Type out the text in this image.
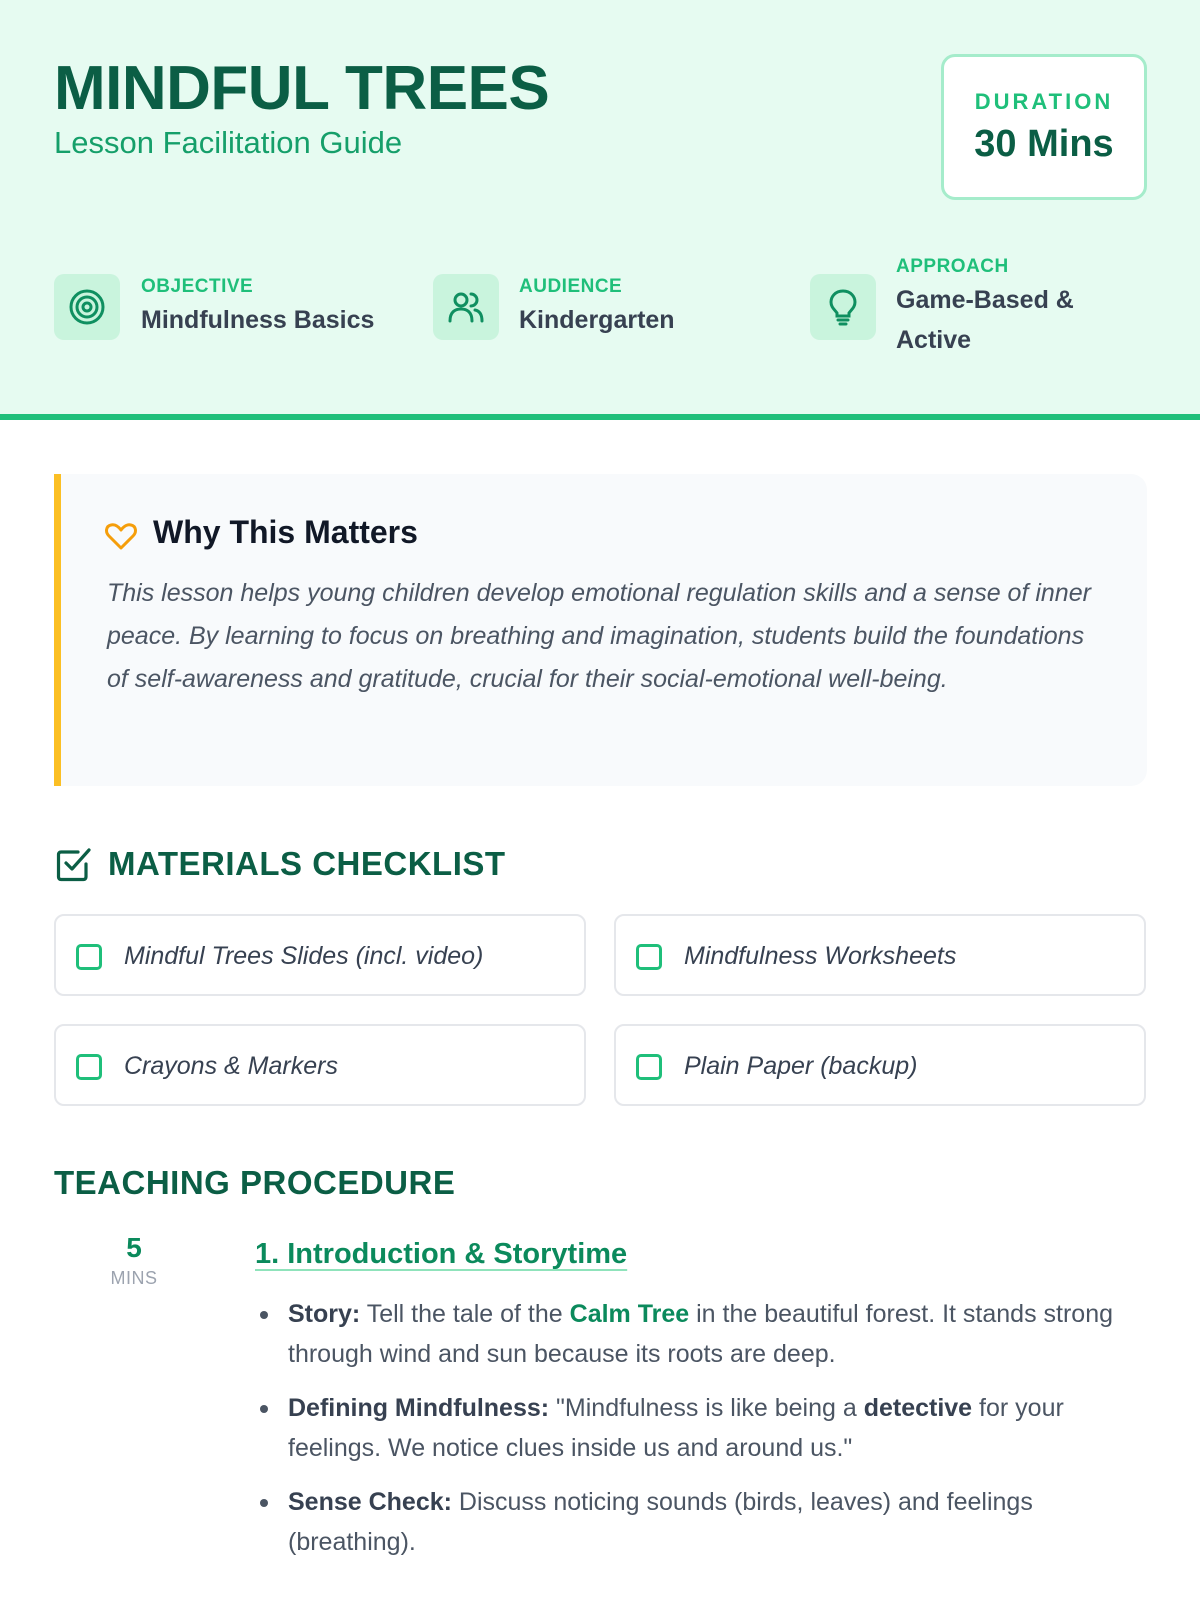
MINDFUL TREES
Lesson Facilitation Guide
DURATION
30 Mins
OBJECTIVE
Mindfulness Basics
AUDIENCE
Kindergarten
APPROACH
Game-Based & Active
Why This Matters
This lesson helps young children develop emotional regulation skills and a sense of inner peace. By learning to focus on breathing and imagination, students build the foundations of self-awareness and gratitude, crucial for their social-emotional well-being.
MATERIALS CHECKLIST
Mindful Trees Slides (incl. video)	Mindfulness Worksheets
Crayons & Markers	Plain Paper (backup)
TEACHING PROCEDURE
5
MINS
1. Introduction & Storytime
Story: Tell the tale of the Calm Tree in the beautiful forest. It stands strong through wind and sun because its roots are deep.
Defining Mindfulness: "Mindfulness is like being a detective for your feelings. We notice clues inside us and around us."
Sense Check: Discuss noticing sounds (birds, leaves) and feelings (breathing).
